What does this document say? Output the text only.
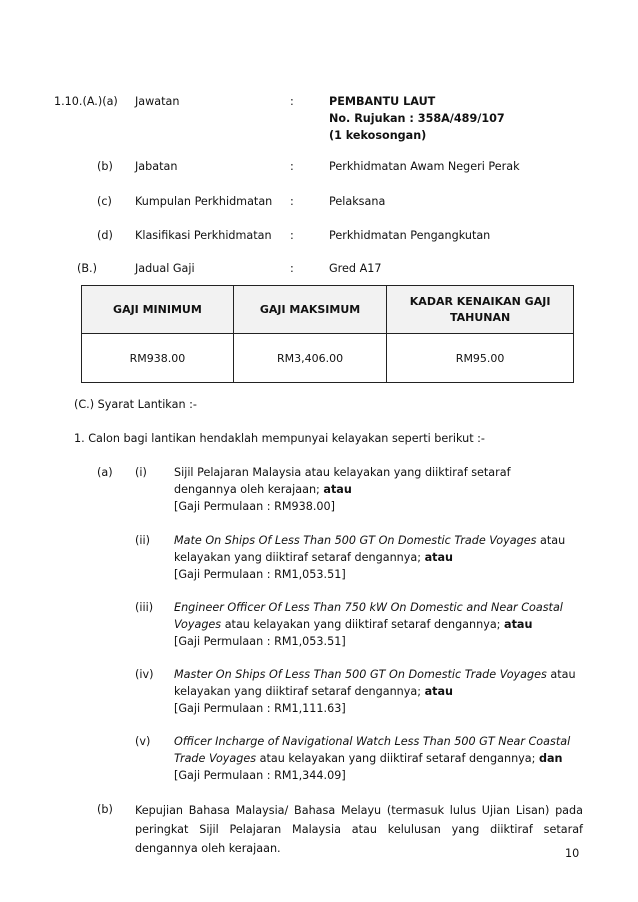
1.10.(A.)(a) Jawatan	:	PEMBANTU LAUT
No. Rujukan : 358A/489/107
(1 kekosongan)
(b) Jabatan	:	Perkhidmatan Awam Negeri Perak
(c) Kumpulan Perkhidmatan :	Pelaksana
(d) Klasifikasi Perkhidmatan :	Perkhidmatan Pengangkutan
(B.)	Jadual Gaji	:	Gred A17
GAJI MINIMUM	GAJI MAKSIMUM	KADAR KENAIKAN GAJI TAHUNAN
RM938.00	RM3,406.00	RM95.00
(C.) Syarat Lantikan :-
1. Calon bagi lantikan hendaklah mempunyai kelayakan seperti berikut :-
(a) (i) Sijil Pelajaran Malaysia atau kelayakan yang diiktiraf setaraf
dengannya oleh kerajaan; atau
[Gaji Permulaan : RM938.00]
(ii) Mate On Ships Of Less Than 500 GT On Domestic Trade Voyages atau
kelayakan yang diiktiraf setaraf dengannya; atau
[Gaji Permulaan : RM1,053.51]
(iii) Engineer Officer Of Less Than 750 kW On Domestic and Near Coastal
Voyages atau kelayakan yang diiktiraf setaraf dengannya; atau
[Gaji Permulaan : RM1,053.51]
(iv) Master On Ships Of Less Than 500 GT On Domestic Trade Voyages atau
kelayakan yang diiktiraf setaraf dengannya; atau
[Gaji Permulaan : RM1,111.63]
(v) Officer Incharge of Navigational Watch Less Than 500 GT Near Coastal
Trade Voyages atau kelayakan yang diiktiraf setaraf dengannya; dan
[Gaji Permulaan : RM1,344.09]
(b) Kepujian Bahasa Malaysia/ Bahasa Melayu (termasuk lulus Ujian Lisan) pada peringkat Sijil Pelajaran Malaysia atau kelulusan yang diiktiraf setaraf dengannya oleh kerajaan.	10
